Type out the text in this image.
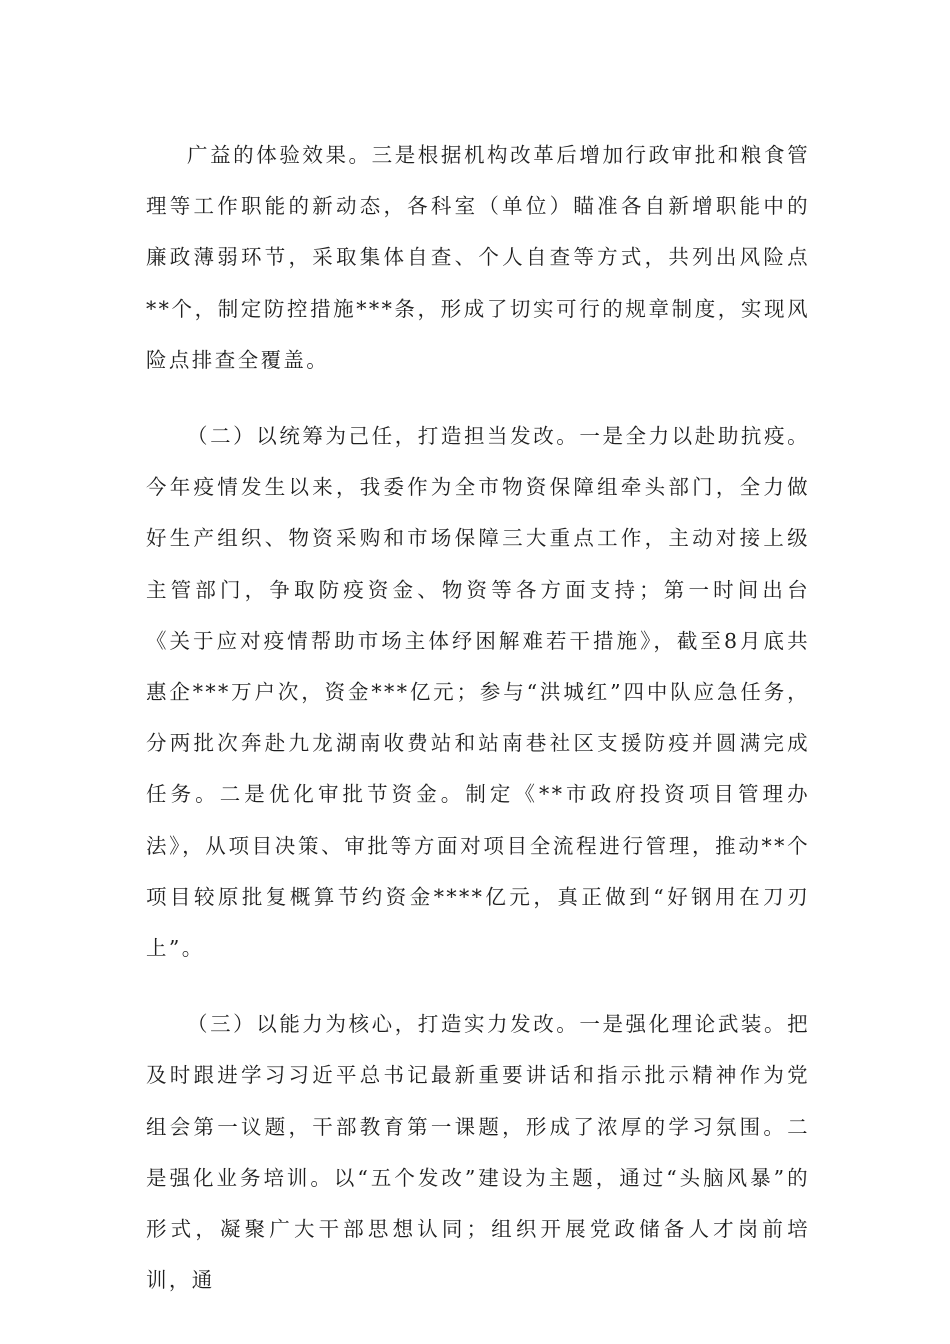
广益的体验效果。三是根据机构改革后增加行政审批和粮食管理等工作职能的新动态，各科室（单位）瞄准各自新增职能中的廉政薄弱环节，采取集体自查、个人自查等方式，共列出风险点**个，制定防控措施***条，形成了切实可行的规章制度，实现风险点排查全覆盖。

（二）以统筹为己任，打造担当发改。一是全力以赴助抗疫。今年疫情发生以来，我委作为全市物资保障组牵头部门，全力做好生产组织、物资采购和市场保障三大重点工作，主动对接上级主管部门，争取防疫资金、物资等各方面支持；第一时间出台《关于应对疫情帮助市场主体纾困解难若干措施》，截至8月底共惠企***万户次，资金***亿元；参与“洪城红”四中队应急任务，分两批次奔赴九龙湖南收费站和站南巷社区支援防疫并圆满完成任务。二是优化审批节资金。制定《**市政府投资项目管理办法》，从项目决策、审批等方面对项目全流程进行管理，推动**个项目较原批复概算节约资金****亿元，真正做到“好钢用在刀刃上”。

（三）以能力为核心，打造实力发改。一是强化理论武装。把及时跟进学习习近平总书记最新重要讲话和指示批示精神作为党组会第一议题，干部教育第一课题，形成了浓厚的学习氛围。二是强化业务培训。以“五个发改”建设为主题，通过“头脑风暴”的形式，凝聚广大干部思想认同；组织开展党政储备人才岗前培训，通
